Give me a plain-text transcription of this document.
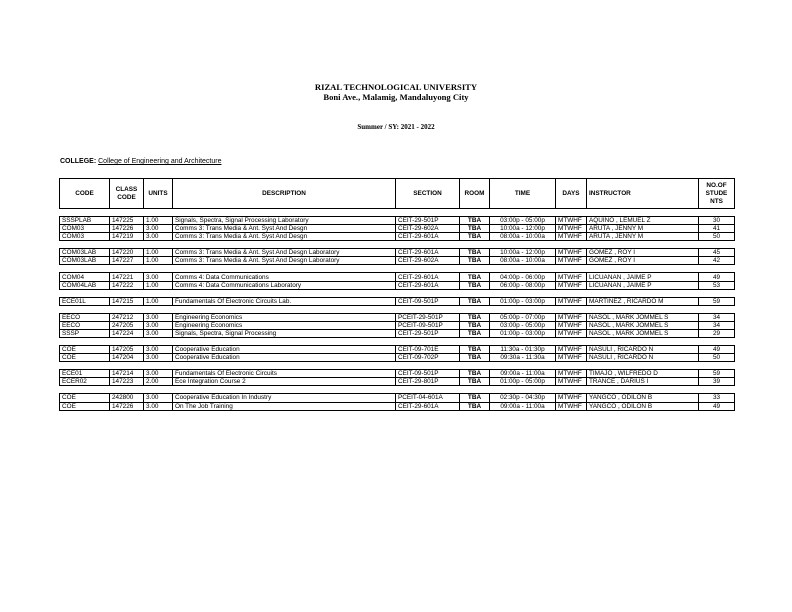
RIZAL TECHNOLOGICAL UNIVERSITY
Boni Ave., Malamig, Mandaluyong City
Summer / SY: 2021 - 2022
COLLEGE: College of Engineering and Architecture
CODE	CLASS CODE	UNITS	DESCRIPTION	SECTION	ROOM	TIME	DAYS	INSTRUCTOR	NO.OF STUDE NTS

SSSPLAB	147225	1.00	Signals, Spectra, Signal Processing Laboratory	CEIT-29-501P	TBA	03:00p - 05:00p	MTWHF	AQUINO , LEMUEL Z	30
COM03	147226	3.00	Comms 3: Trans Media & Ant. Syst And Desgn	CEIT-29-602A	TBA	10:00a - 12:00p	MTWHF	ARUTA , JENNY M	41
COM03	147219	3.00	Comms 3: Trans Media & Ant. Syst And Desgn	CEIT-29-601A	TBA	08:00a - 10:00a	MTWHF	ARUTA , JENNY M	50

COM03LAB	147220	1.00	Comms 3: Trans Media & Ant. Syst And Desgn Laboratory	CEIT-29-601A	TBA	10:00a - 12:00p	MTWHF	GOMEZ , ROY I	45
COM03LAB	147227	1.00	Comms 3: Trans Media & Ant. Syst And Desgn Laboratory	CEIT-29-602A	TBA	08:00a - 10:00a	MTWHF	GOMEZ , ROY I	42

COM04	147221	3.00	Comms 4: Data Communications	CEIT-29-601A	TBA	04:00p - 06:00p	MTWHF	LICUANAN , JAIME P	49
COM04LAB	147222	1.00	Comms 4: Data Communications Laboratory	CEIT-29-601A	TBA	06:00p - 08:00p	MTWHF	LICUANAN , JAIME P	53

ECE01L	147215	1.00	Fundamentals Of Electronic Circuits Lab.	CEIT-09-501P	TBA	01:00p - 03:00p	MTWHF	MARTINEZ , RICARDO M	59

EECO	247212	3.00	Engineering Economics	PCEIT-29-501P	TBA	05:00p - 07:00p	MTWHF	NASOL , MARK JOMMEL S	34
EECO	247205	3.00	Engineering Economics	PCEIT-09-501P	TBA	03:00p - 05:00p	MTWHF	NASOL , MARK JOMMEL S	34
SSSP	147224	3.00	Signals, Spectra, Signal Processing	CEIT-29-501P	TBA	01:00p - 03:00p	MTWHF	NASOL , MARK JOMMEL S	29

COE	147205	3.00	Cooperative Education	CEIT-09-701E	TBA	11:30a - 01:30p	MTWHF	NASULI , RICARDO N	49
COE	147204	3.00	Cooperative Education	CEIT-09-702P	TBA	09:30a - 11:30a	MTWHF	NASULI , RICARDO N	50

ECE01	147214	3.00	Fundamentals Of Electronic Circuits	CEIT-09-501P	TBA	09:00a - 11:00a	MTWHF	TIMAJO , WILFREDO D	59
ECER02	147223	2.00	Ece Integration Course 2	CEIT-29-801P	TBA	01:00p - 05:00p	MTWHF	TRANCE , DARIUS I	39

COE	242800	3.00	Cooperative Education In Industry	PCEIT-04-601A	TBA	02:30p - 04:30p	MTWHF	YANGCO , ODILON B	33
COE	147226	3.00	On The Job Training	CEIT-29-601A	TBA	09:00a - 11:00a	MTWHF	YANGCO , ODILON B	49
